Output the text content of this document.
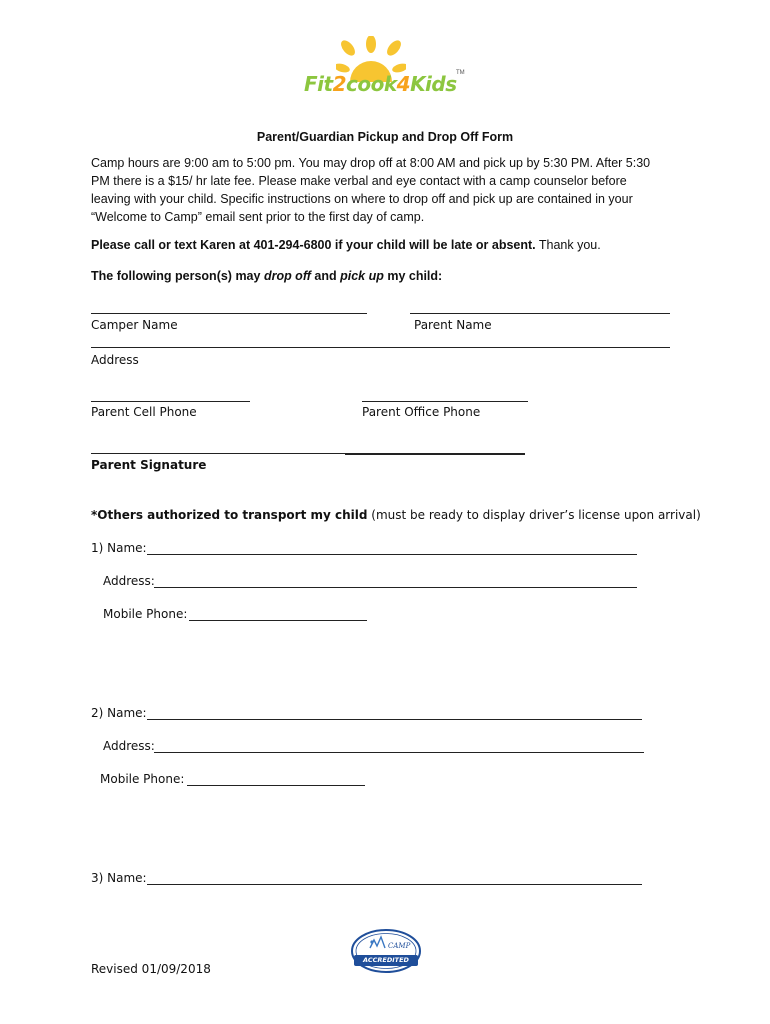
Fit2cook4Kids TM
Parent/Guardian Pickup and Drop Off Form
Camp hours are 9:00 am to 5:00 pm. You may drop off at 8:00 AM and pick up by 5:30 PM. After 5:30
PM there is a $15/ hr late fee. Please make verbal and eye contact with a camp counselor before
leaving with your child. Specific instructions on where to drop off and pick up are contained in your
“Welcome to Camp” email sent prior to the first day of camp.
Please call or text Karen at 401-294-6800 if your child will be late or absent. Thank you.
The following person(s) may drop off and pick up my child:
Camper Name	Parent Name
Address
Parent Cell Phone	Parent Office Phone
Parent Signature
*Others authorized to transport my child (must be ready to display driver’s license upon arrival)
1) Name:
Address:
Mobile Phone:
2) Name:
Address:
Mobile Phone:
3) Name:
CAMP
ACCREDITED
Revised 01/09/2018
